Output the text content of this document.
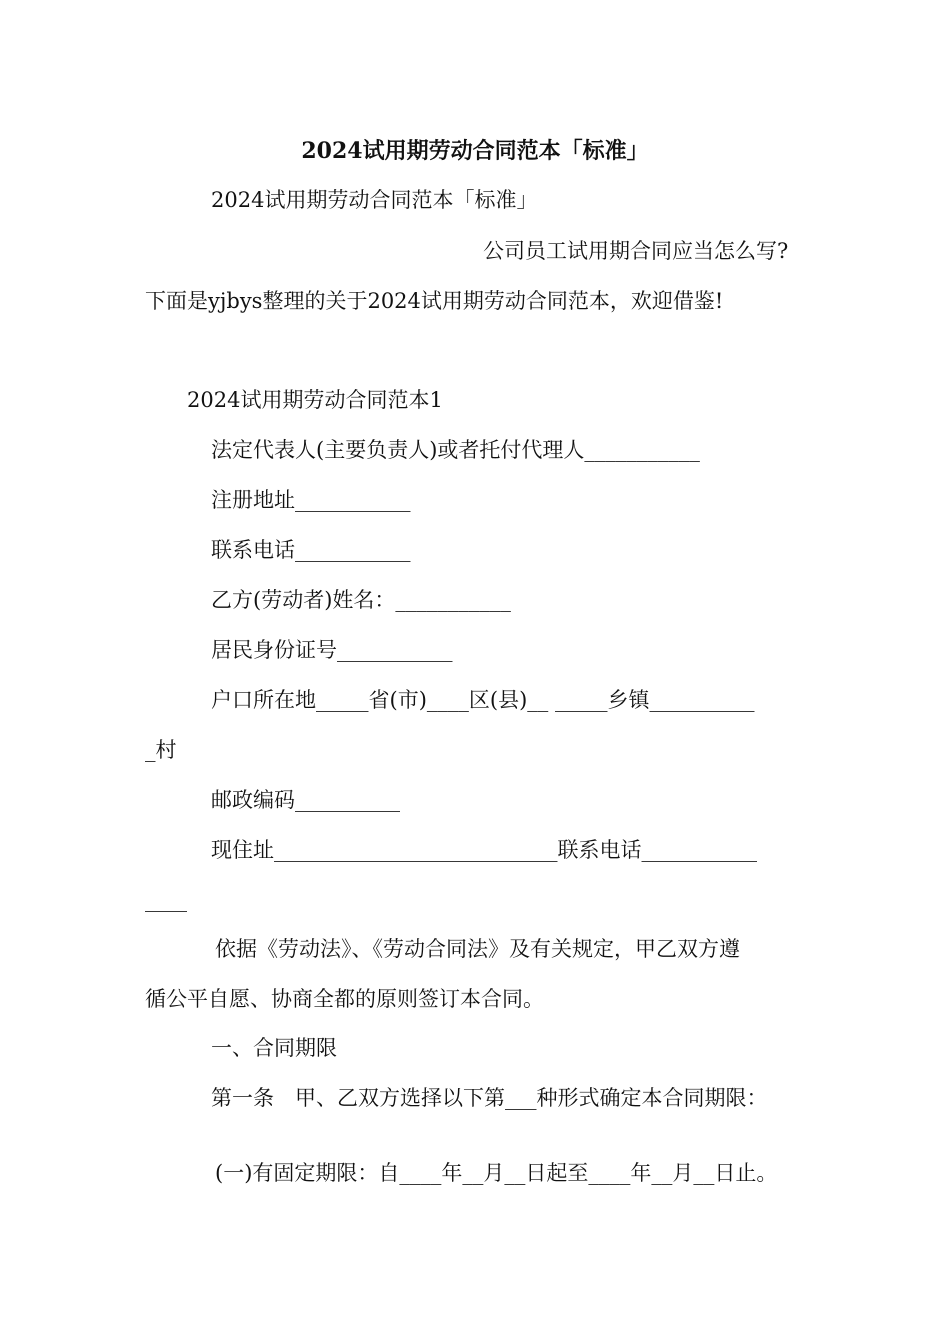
2024试用期劳动合同范本「标准」

2024试用期劳动合同范本「标准」

公司员工试用期合同应当怎么写?

下面是yjbys整理的关于2024试用期劳动合同范本，欢迎借鉴!

2024试用期劳动合同范本1

法定代表人(主要负责人)或者托付代理人___________

注册地址___________

联系电话___________

乙方(劳动者)姓名：___________

居民身份证号___________

户口所在地_____省(市)____区(县)__ _____乡镇__________

_村

邮政编码__________

现住址___________________________联系电话___________

____

依据《劳动法》、《劳动合同法》及有关规定，甲乙双方遵

循公平自愿、协商全都的原则签订本合同。

一、合同期限

第一条　甲、乙双方选择以下第___种形式确定本合同期限：

(一)有固定期限：自____年__月__日起至____年__月__日止。
